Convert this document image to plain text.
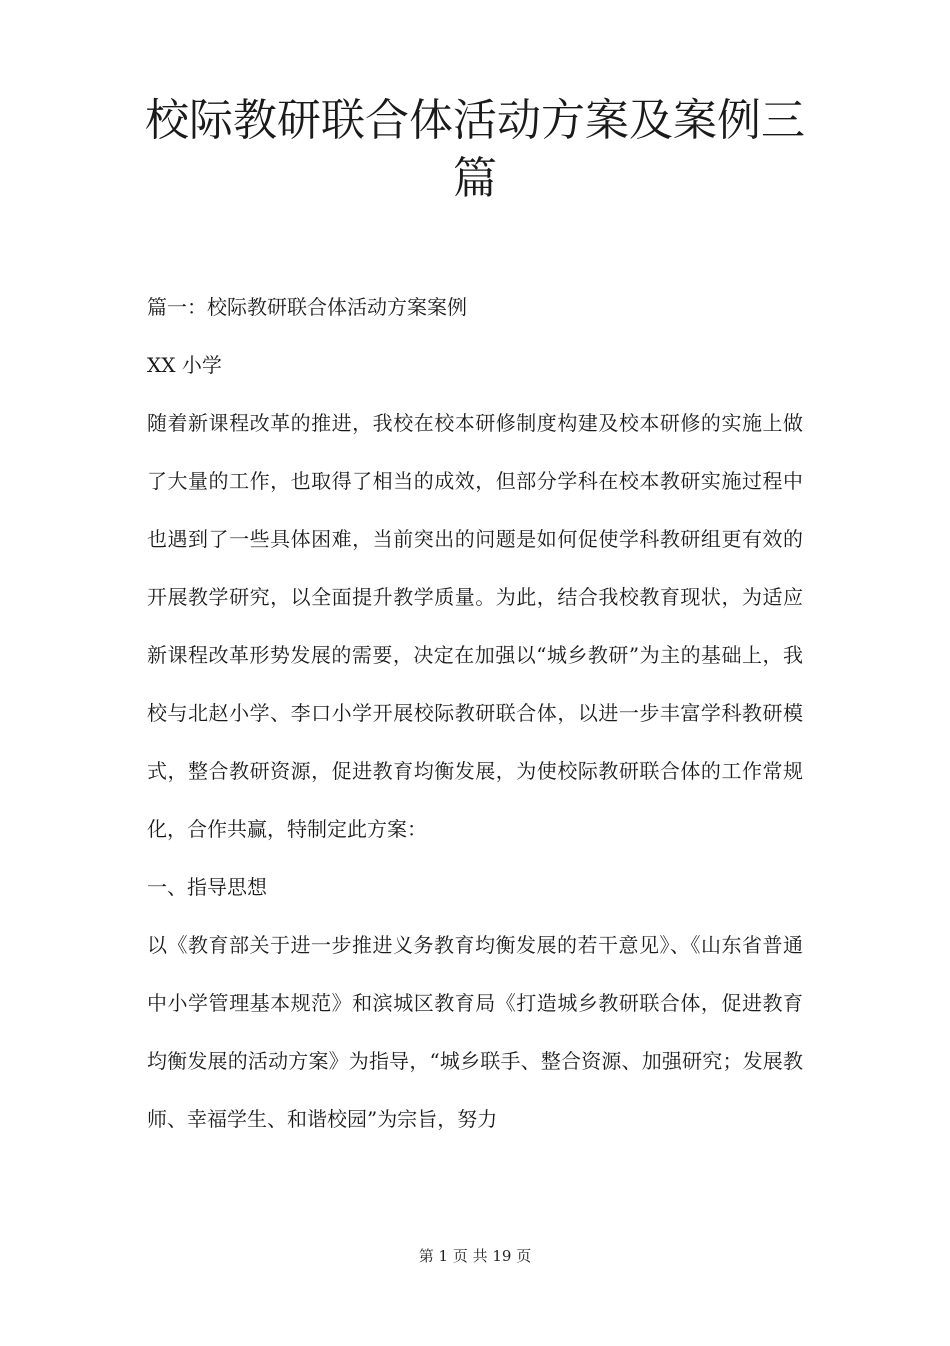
校际教研联合体活动方案及案例三
篇

篇一：校际教研联合体活动方案案例

XX 小学

随着新课程改革的推进，我校在校本研修制度构建及校本研修的实施上做了大量的工作，也取得了相当的成效，但部分学科在校本教研实施过程中也遇到了一些具体困难，当前突出的问题是如何促使学科教研组更有效的开展教学研究，以全面提升教学质量。为此，结合我校教育现状，为适应新课程改革形势发展的需要，决定在加强以“城乡教研”为主的基础上，我校与北赵小学、李口小学开展校际教研联合体，以进一步丰富学科教研模式，整合教研资源，促进教育均衡发展，为使校际教研联合体的工作常规化，合作共赢，特制定此方案：

一、指导思想

以《教育部关于进一步推进义务教育均衡发展的若干意见》、《山东省普通中小学管理基本规范》和滨城区教育局《打造城乡教研联合体，促进教育均衡发展的活动方案》为指导，“城乡联手、整合资源、加强研究；发展教师、幸福学生、和谐校园”为宗旨，努力

第 1 页 共 19 页
